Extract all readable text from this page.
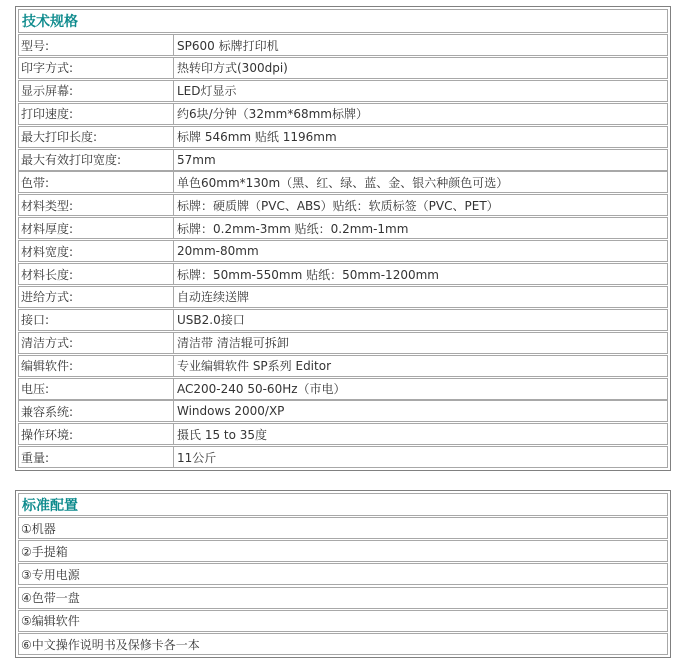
技术规格
型号:	SP600 标牌打印机
印字方式:	热转印方式(300dpi)
显示屏幕:	LED灯显示
打印速度:	约6块/分钟（32mm*68mm标牌）
最大打印长度:	标牌 546mm 贴纸 1196mm
最大有效打印宽度:	57mm
色带:	单色60mm*130m（黑、红、绿、蓝、金、银六种颜色可选）
材料类型:	标牌：硬质牌（PVC、ABS）贴纸：软质标签（PVC、PET）
材料厚度:	标牌：0.2mm-3mm 贴纸：0.2mm-1mm
材料宽度:	20mm-80mm
材料长度:	标牌：50mm-550mm 贴纸：50mm-1200mm
进给方式:	自动连续送牌
接口:	USB2.0接口
清洁方式:	清洁带 清洁辊可拆卸
编辑软件:	专业编辑软件 SP系列 Editor
电压:	AC200-240 50-60Hz（市电）
兼容系统:	Windows 2000/XP
操作环境:	摄氏 15 to 35度
重量:	11公斤
标准配置
①机器
②手提箱
③专用电源
④色带一盘
⑤编辑软件
⑥中文操作说明书及保修卡各一本
